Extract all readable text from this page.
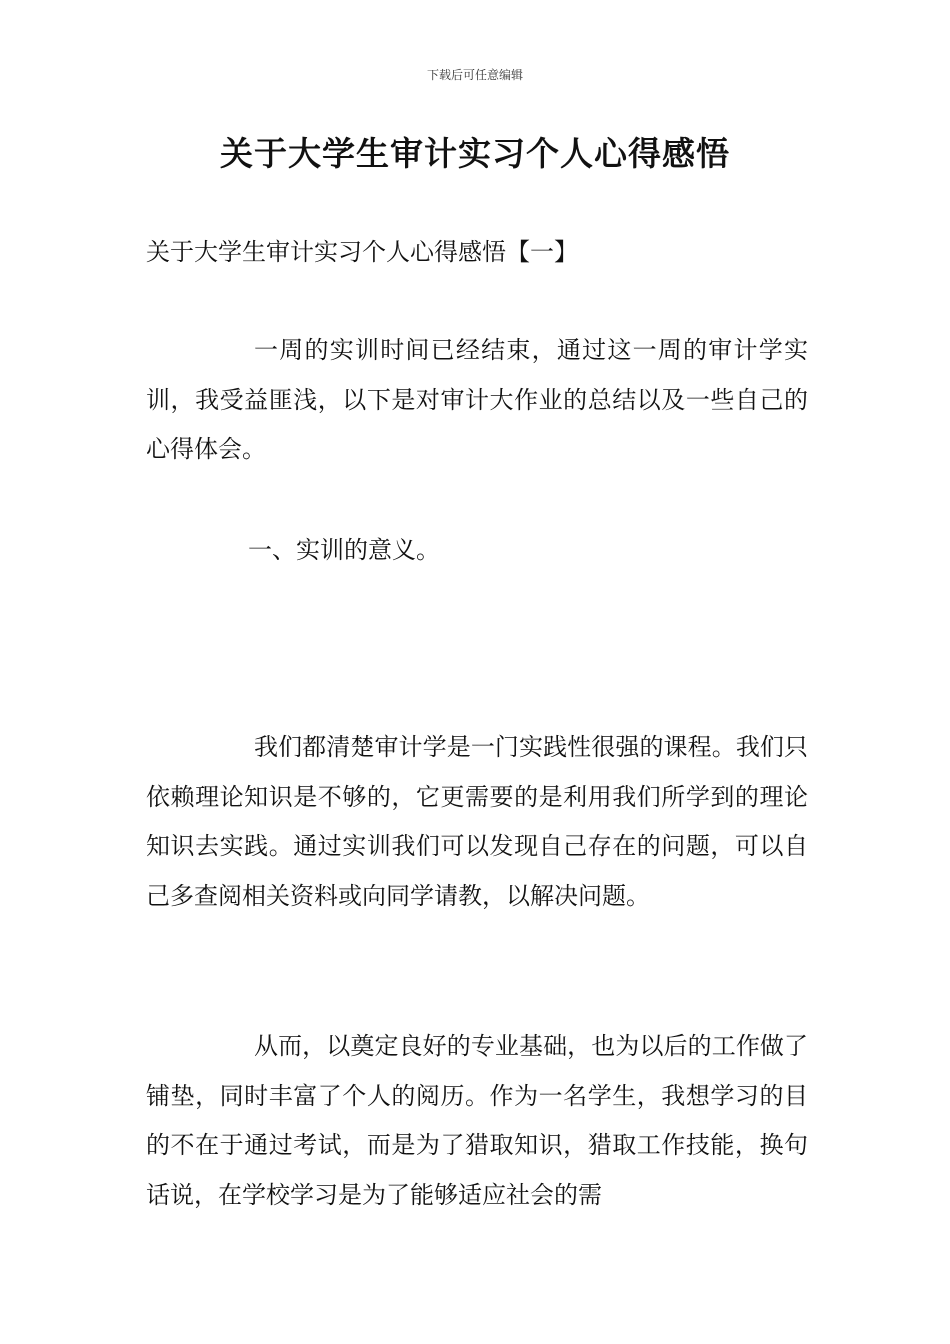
下载后可任意编辑
关于大学生审计实习个人心得感悟
关于大学生审计实习个人心得感悟【一】

一周的实训时间已经结束，通过这一周的审计学实训，我受益匪浅，以下是对审计大作业的总结以及一些自己的心得体会。

一、实训的意义。

我们都清楚审计学是一门实践性很强的课程。我们只依赖理论知识是不够的，它更需要的是利用我们所学到的理论知识去实践。通过实训我们可以发现自己存在的问题，可以自己多查阅相关资料或向同学请教，以解决问题。

从而，以奠定良好的专业基础，也为以后的工作做了铺垫，同时丰富了个人的阅历。作为一名学生，我想学习的目的不在于通过考试，而是为了猎取知识，猎取工作技能，换句话说，在学校学习是为了能够适应社会的需
